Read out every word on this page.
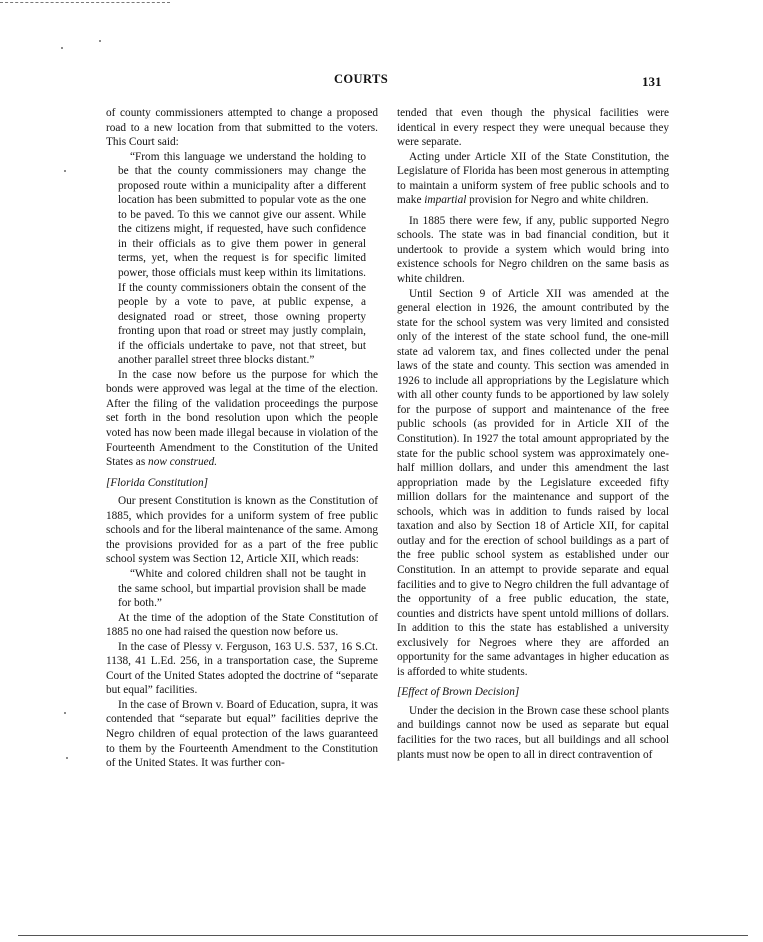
COURTS	131

of county commissioners attempted to change a proposed road to a new location from that submitted to the voters. This Court said:

“From this language we understand the holding to be that the county commissioners may change the proposed route within a municipality after a different location has been submitted to popular vote as the one to be paved. To this we cannot give our assent. While the citizens might, if requested, have such confidence in their officials as to give them power in general terms, yet, when the request is for specific limited power, those officials must keep within its limitations. If the county commissioners obtain the consent of the people by a vote to pave, at public expense, a designated road or street, those owning property fronting upon that road or street may justly complain, if the officials undertake to pave, not that street, but another parallel street three blocks distant.”

In the case now before us the purpose for which the bonds were approved was legal at the time of the election. After the filing of the validation proceedings the purpose set forth in the bond resolution upon which the people voted has now been made illegal because in violation of the Fourteenth Amendment to the Constitution of the United States as now construed.

[Florida Constitution]

Our present Constitution is known as the Constitution of 1885, which provides for a uniform system of free public schools and for the liberal maintenance of the same. Among the provisions provided for as a part of the free public school system was Section 12, Article XII, which reads:

“White and colored children shall not be taught in the same school, but impartial provision shall be made for both.”

At the time of the adoption of the State Constitution of 1885 no one had raised the question now before us.

In the case of Plessy v. Ferguson, 163 U.S. 537, 16 S.Ct. 1138, 41 L.Ed. 256, in a transportation case, the Supreme Court of the United States adopted the doctrine of “separate but equal” facilities.

In the case of Brown v. Board of Education, supra, it was contended that “separate but equal” facilities deprive the Negro children of equal protection of the laws guaranteed to them by the Fourteenth Amendment to the Constitution of the United States. It was further con-

tended that even though the physical facilities were identical in every respect they were unequal because they were separate.

Acting under Article XII of the State Constitution, the Legislature of Florida has been most generous in attempting to maintain a uniform system of free public schools and to make impartial provision for Negro and white children.

In 1885 there were few, if any, public supported Negro schools. The state was in bad financial condition, but it undertook to provide a system which would bring into existence schools for Negro children on the same basis as white children.

Until Section 9 of Article XII was amended at the general election in 1926, the amount contributed by the state for the school system was very limited and consisted only of the interest of the state school fund, the one-mill state ad valorem tax, and fines collected under the penal laws of the state and county. This section was amended in 1926 to include all appropriations by the Legislature which with all other county funds to be apportioned by law solely for the purpose of support and maintenance of the free public schools (as provided for in Article XII of the Constitution). In 1927 the total amount appropriated by the state for the public school system was approximately one-half million dollars, and under this amendment the last appropriation made by the Legislature exceeded fifty million dollars for the maintenance and support of the schools, which was in addition to funds raised by local taxation and also by Section 18 of Article XII, for capital outlay and for the erection of school buildings as a part of the free public school system as established under our Constitution. In an attempt to provide separate and equal facilities and to give to Negro children the full advantage of the opportunity of a free public education, the state, counties and districts have spent untold millions of dollars. In addition to this the state has established a university exclusively for Negroes where they are afforded an opportunity for the same advantages in higher education as is afforded to white students.

[Effect of Brown Decision]

Under the decision in the Brown case these school plants and buildings cannot now be used as separate but equal facilities for the two races, but all buildings and all school plants must now be open to all in direct contravention of
